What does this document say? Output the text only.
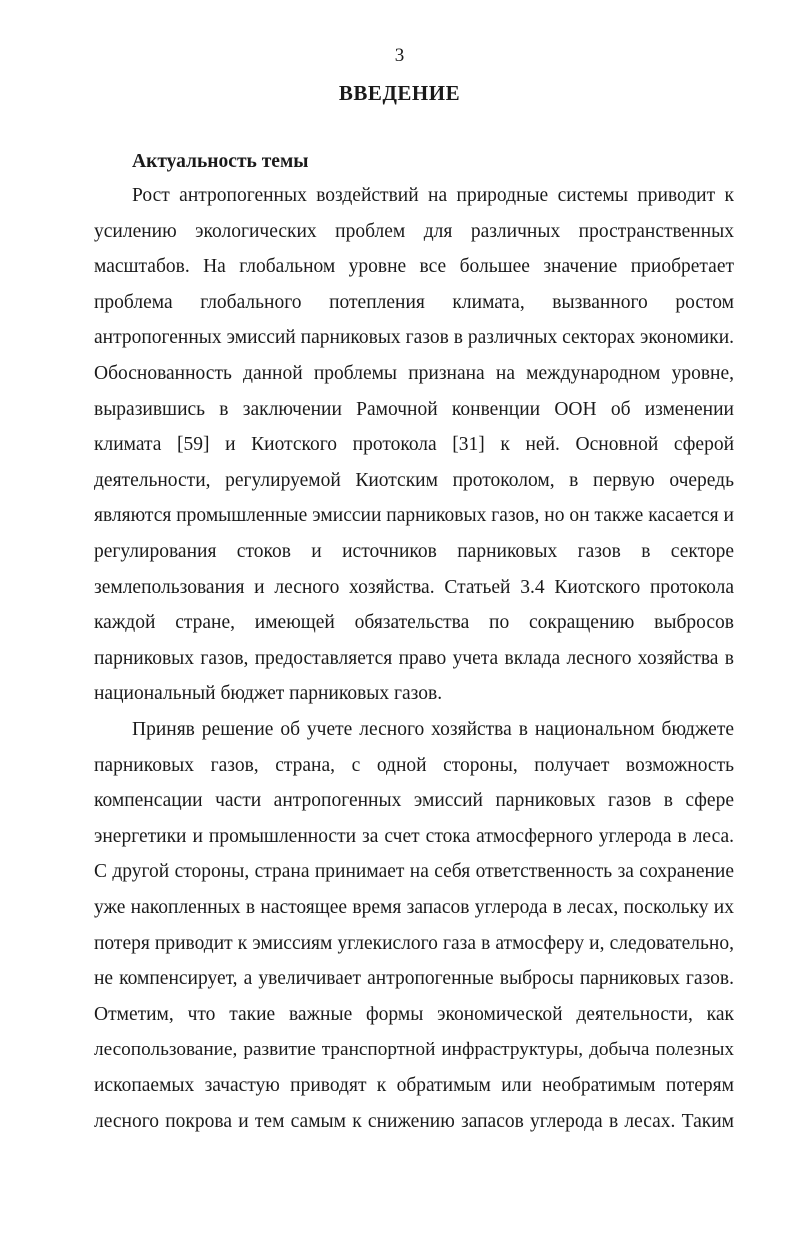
3
ВВЕДЕНИЕ
Актуальность темы
Рост антропогенных воздействий на природные системы приводит к
усилению экологических проблем для различных пространственных
масштабов. На глобальном уровне все большее значение приобретает
проблема глобального потепления климата, вызванного ростом
антропогенных эмиссий парниковых газов в различных секторах экономики.
Обоснованность данной проблемы признана на международном уровне,
выразившись в заключении Рамочной конвенции ООН об изменении
климата [59] и Киотского протокола [31] к ней. Основной сферой
деятельности, регулируемой Киотским протоколом, в первую очередь
являются промышленные эмиссии парниковых газов, но он также касается и
регулирования стоков и источников парниковых газов в секторе
землепользования и лесного хозяйства. Статьей 3.4 Киотского протокола
каждой стране, имеющей обязательства по сокращению выбросов
парниковых газов, предоставляется право учета вклада лесного хозяйства в
национальный бюджет парниковых газов.
Приняв решение об учете лесного хозяйства в национальном бюджете
парниковых газов, страна, с одной стороны, получает возможность
компенсации части антропогенных эмиссий парниковых газов в сфере
энергетики и промышленности за счет стока атмосферного углерода в леса.
С другой стороны, страна принимает на себя ответственность за сохранение
уже накопленных в настоящее время запасов углерода в лесах, поскольку их
потеря приводит к эмиссиям углекислого газа в атмосферу и, следовательно,
не компенсирует, а увеличивает антропогенные выбросы парниковых газов.
Отметим, что такие важные формы экономической деятельности, как
лесопользование, развитие транспортной инфраструктуры, добыча полезных
ископаемых зачастую приводят к обратимым или необратимым потерям
лесного покрова и тем самым к снижению запасов углерода в лесах. Таким
